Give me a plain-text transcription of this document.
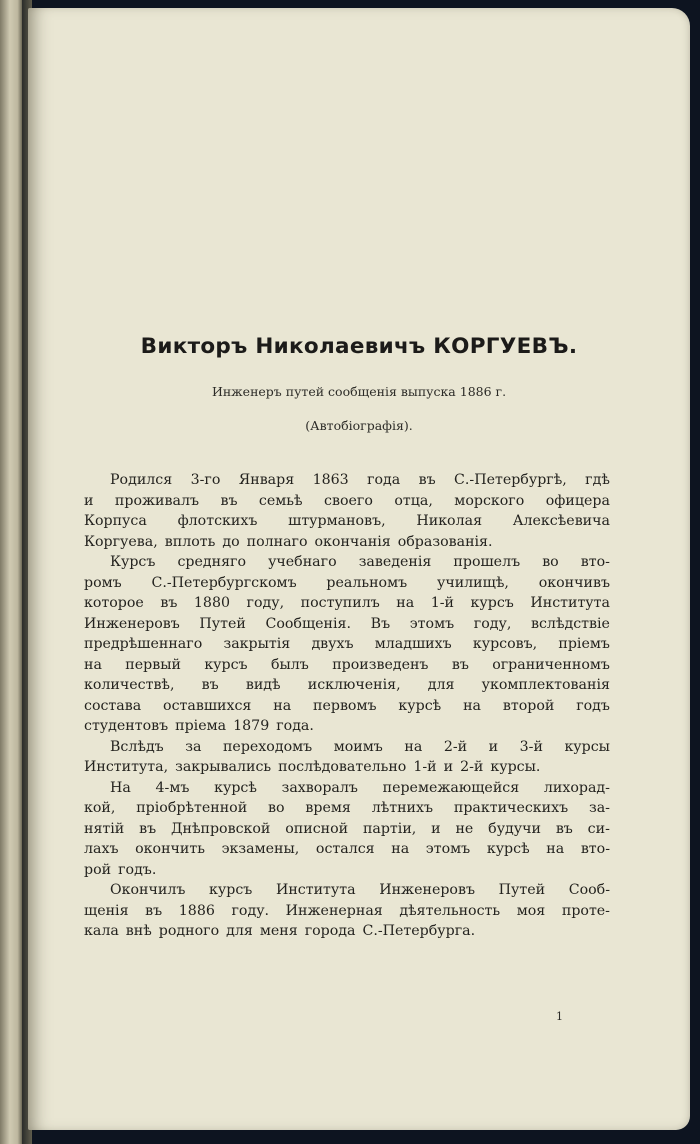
Викторъ Николаевичъ КОРГУЕВЪ.

Инженеръ путей сообщенія выпуска 1886 г.

(Автобіографія).

Родился 3-го Января 1863 года въ С.-Петербургѣ, гдѣ
и проживалъ въ семьѣ своего отца, морского офицера
Корпуса флотскихъ штурмановъ, Николая Алексѣевича
Коргуева, вплоть до полнаго окончанія образованія.
Курсъ средняго учебнаго заведенія прошелъ во вто-
ромъ С.-Петербургскомъ реальномъ училищѣ, окончивъ
которое въ 1880 году, поступилъ на 1-й курсъ Института
Инженеровъ Путей Сообщенія. Въ этомъ году, вслѣдствіе
предрѣшеннаго закрытія двухъ младшихъ курсовъ, пріемъ
на первый курсъ былъ произведенъ въ ограниченномъ
количествѣ, въ видѣ исключенія, для укомплектованія
состава оставшихся на первомъ курсѣ на второй годъ
студентовъ пріема 1879 года.
Вслѣдъ за переходомъ моимъ на 2-й и 3-й курсы
Института, закрывались послѣдовательно 1-й и 2-й курсы.
На 4-мъ курсѣ захворалъ перемежающейся лихорад-
кой, пріобрѣтенной во время лѣтнихъ практическихъ за-
нятій въ Днѣпровской описной партіи, и не будучи въ си-
лахъ окончить экзамены, остался на этомъ курсѣ на вто-
рой годъ.
Окончилъ курсъ Института Инженеровъ Путей Сооб-
щенія въ 1886 году. Инженерная дѣятельность моя проте-
кала внѣ родного для меня города С.-Петербурга.
1
